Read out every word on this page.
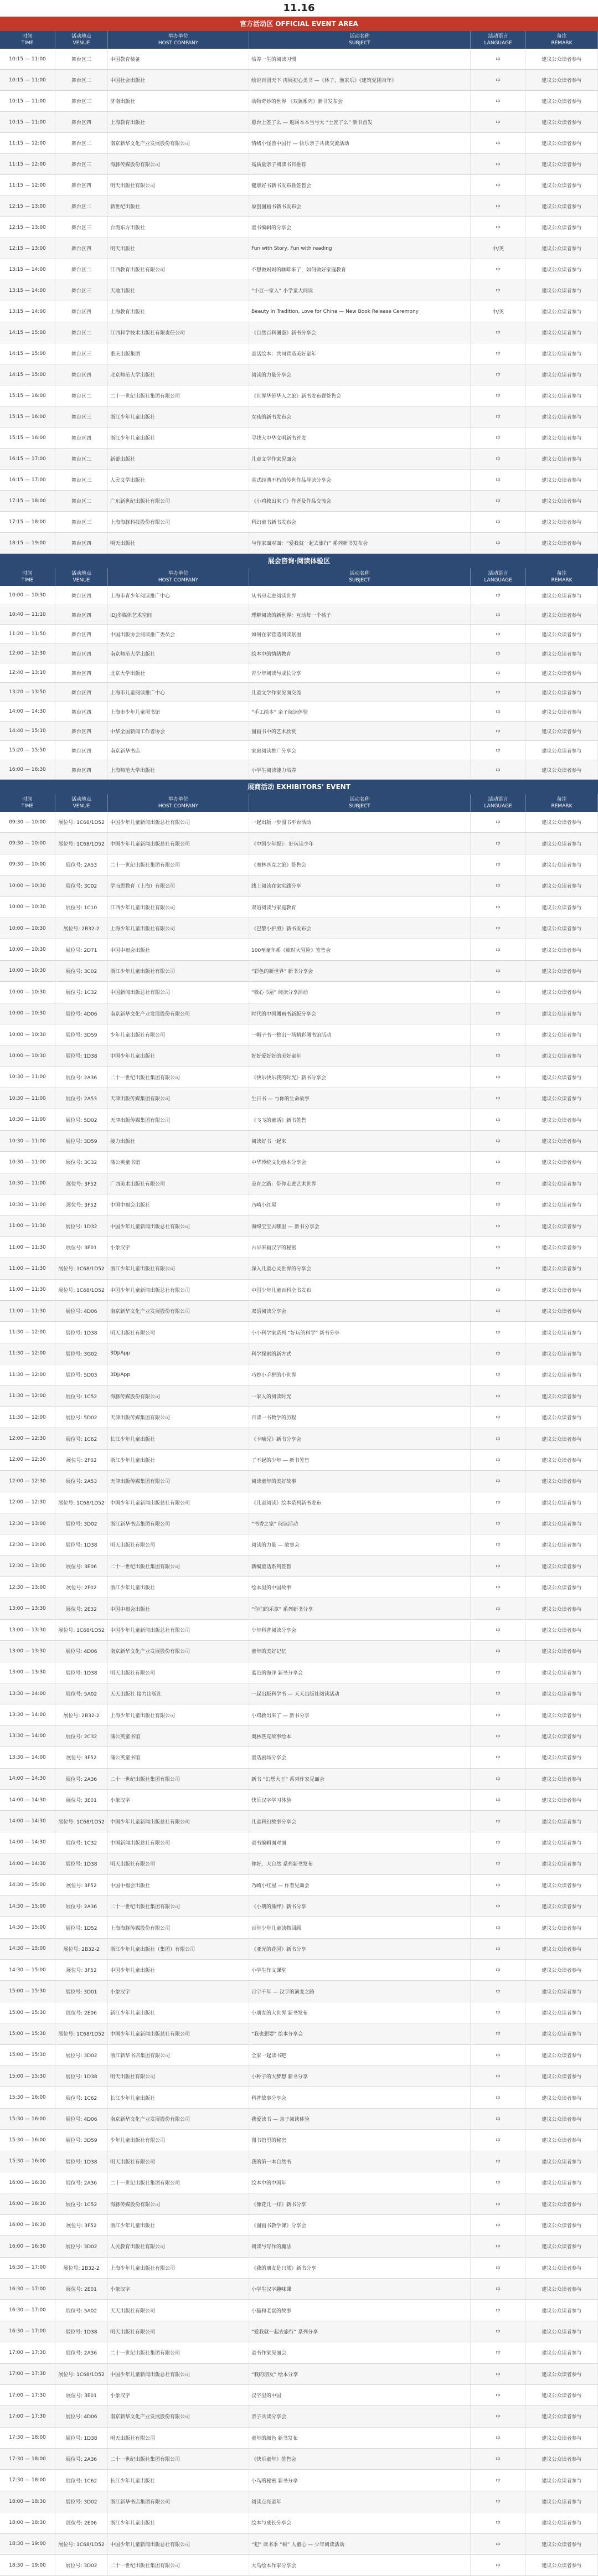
11.16
官方活动区 OFFICIAL EVENT AREA
时间
TIME
活动地点
VENUE
举办单位
HOST COMPANY
活动名称
SUBJECT
活动语言
LANGUAGE
备注
REMARK
10:15 — 11:00	舞台区三	中国教育装备	培养一生的阅读习惯	中	建议公众读者参与
10:15 — 11:00	舞台区二	中国社会出版社	绘说百团天下 再展初心美书 —《林子、渔家乐》《建筑党团百年》	中	建议公众读者参与
10:15 — 11:00	舞台区三	济南出版社	动物奇妙的世界 《双翼系列》新书发布会	中	建议公众读者参与
10:15 — 11:00	舞台区四	上海教育出版社	愿台上签了么 — 返回本本当与大 “土匠了么” 新书首发	中	建议公众读者参与
11:15 — 12:00	舞台区二	南京新华文化产业发展股份有限公司	情绪小怪兽中国行 — 快乐亲子共读交流活动	中	建议公众读者参与
11:15 — 12:00	舞台区三	海豚传媒股份有限公司	高质量亲子阅读书目推荐	中	建议公众读者参与
11:15 — 12:00	舞台区四	明天出版社有限公司	健康好书新书发布暨签售会	中	建议公众读者参与
12:15 — 13:00	舞台区二	新世纪出版社	原创图画书新书发布会	中	建议公众读者参与
12:15 — 13:00	舞台区三	台湾东方出版社	童书编辑的分享会	中	建议公众读者参与
12:15 — 13:00	舞台区四	明天出版社	Fun with Story, Fun with reading	中/英	建议公众读者参与
13:15 — 14:00	舞台区二	江西教育出版社有限公司	不想做妈妈的咖啡来了，如何做好家庭教育	中	建议公众读者参与
13:15 — 14:00	舞台区三	天地出版社	“小豆一家人” 小学童大阅读	中	建议公众读者参与
13:15 — 14:00	舞台区四	上海教育出版社	Beauty in Tradition, Love for China — New Book Release Ceremony	中/英	建议公众读者参与
14:15 — 15:00	舞台区二	江西科学技术出版社有限责任公司	《自然百科图鉴》新书分享会	中	建议公众读者参与
14:15 — 15:00	舞台区三	重庆出版集团	童话绘本：共同营造美好童年	中	建议公众读者参与
14:15 — 15:00	舞台区四	北京师范大学出版社	阅读的力量分享会	中	建议公众读者参与
15:15 — 16:00	舞台区二	二十一世纪出版社集团有限公司	《世界华侨华人之旅》新书发布暨签售会	中	建议公众读者参与
15:15 — 16:00	舞台区三	浙江少年儿童出版社	女孩的新书发布会	中	建议公众读者参与
15:15 — 16:00	舞台区四	浙江少年儿童出版社	寻找大中华文明新书首发	中	建议公众读者参与
16:15 — 17:00	舞台区二	新蕾出版社	儿童文学作家见面会	中	建议公众读者参与
16:15 — 17:00	舞台区三	人民文学出版社	英式经典不朽的传世作品导读分享会	中	建议公众读者参与
17:15 — 18:00	舞台区二	广东新世纪出版社有限公司	《小鸡救出来了》作者及作品交流会	中	建议公众读者参与
17:15 — 18:00	舞台区三	上海海豚科技股份有限公司	科幻童书新书发布会	中	建议公众读者参与
18:15 — 19:00	舞台区四	明天出版社	与作家面对面：“爱我就一起去旅行” 系列新书发布会	中	建议公众读者参与
展会咨询·阅读体验区
时间
TIME
活动地点
VENUE
举办单位
HOST COMPANY
活动名称
SUBJECT
活动语言
LANGUAGE
备注
REMARK
10:00 — 10:30	舞台区四	上海市青少年阅读推广中心	从书房走进阅读世界	中	建议公众读者参与
10:40 — 11:10	舞台区四	IDJ多媒体艺术空间	理解阅读的新世界：互动每一个孩子	中	建议公众读者参与
11:20 — 11:50	舞台区四	中国出版协会阅读推广委员会	如何在家营造阅读氛围	中	建议公众读者参与
12:00 — 12:30	舞台区四	南京师范大学出版社	绘本中的情绪教育	中	建议公众读者参与
12:40 — 13:10	舞台区四	北京大学出版社	青少年阅读与成长分享	中	建议公众读者参与
13:20 — 13:50	舞台区四	上海市儿童阅读推广中心	儿童文学作家见面交流	中	建议公众读者参与
14:00 — 14:30	舞台区四	上海市少年儿童图书馆	“手工绘本” 亲子阅读体验	中	建议公众读者参与
14:40 — 15:10	舞台区四	中华全国新闻工作者协会	图画书中的艺术欣赏	中	建议公众读者参与
15:20 — 15:50	舞台区四	南京新华书店	家庭阅读推广分享会	中	建议公众读者参与
16:00 — 16:30	舞台区四	上海师范大学出版社	小学生阅读能力培养	中	建议公众读者参与
展商活动 EXHIBITORS' EVENT
时间
TIME
活动地点
VENUE
举办单位
HOST COMPANY
活动名称
SUBJECT
活动语言
LANGUAGE
备注
REMARK
09:30 — 10:00	展位号: 1C68/1D52	中国少年儿童新闻出版总社有限公司	一起出版一步图书平台活动	中	建议公众读者参与
09:30 — 10:00	展位号: 1C68/1D52	中国少年儿童新闻出版总社有限公司	《中国少年报》：好玩读少年	中	建议公众读者参与
09:30 — 10:00	展位号: 2A53	二十一世纪出版社集团有限公司	《奥林匹克之旅》签售会	中	建议公众读者参与
10:00 — 10:30	展位号: 3C02	学而思教育（上海）有限公司	线上阅读在家实践分享	中	建议公众读者参与
10:00 — 10:30	展位号: 1C10	江西少年儿童出版社有限公司	双语阅读与家庭教育	中	建议公众读者参与
10:00 — 10:30	展位号: 2B32-2	上海少年儿童出版社有限公司	《巴黎小护照》新书发布会	中	建议公众读者参与
10:00 — 10:30	展位号: 2D71	中国中福会出版社	100至童年系《旅时大冒险》签售会	中	建议公众读者参与
10:00 — 10:30	展位号: 3C02	浙江少年儿童出版社有限公司	“彩色的新世界” 新书分享会	中	建议公众读者参与
10:00 — 10:30	展位号: 1C32	中国新闻出版总社有限公司	“敬心书屋” 阅读分享活动	中	建议公众读者参与
10:00 — 10:30	展位号: 4D06	南京新华文化产业发展股份有限公司	时代的中国图画书新版分享会	中	建议公众读者参与
10:00 — 10:30	展位号: 3D59	少年儿童出版社有限公司	一帽子书一整出一场精彩图书馆活动	中	建议公众读者参与
10:00 — 10:30	展位号: 1D38	中国少年儿童出版社	好好爱好好的美好童年	中	建议公众读者参与
10:30 — 11:00	展位号: 2A36	二十一世纪出版社集团有限公司	《快乐快乐我的时光》新书分享会	中	建议公众读者参与
10:30 — 11:00	展位号: 2A53	天津出版传媒集团有限公司	生日书 — 与你的生命故事	中	建议公众读者参与
10:30 — 11:00	展位号: 5D02	天津出版传媒集团有限公司	《飞飞的童话》新书签售	中	建议公众读者参与
10:30 — 11:00	展位号: 3D59	接力出版社	阅读好书一起来	中	建议公众读者参与
10:30 — 11:00	展位号: 3C32	蒲公英童书馆	中华传统文化绘本分享会	中	建议公众读者参与
10:30 — 11:00	展位号: 3F52	广西美术出版社有限公司	美育之路：带你走进艺术世界	中	建议公众读者参与
10:30 — 11:00	展位号: 3F52	中国中福会出版社	乃崎小红屋	中	建议公众读者参与
11:00 — 11:30	展位号: 1D32	中国少年儿童新闻出版总社有限公司	海绵宝宝去哪里 — 新书分享会	中	建议公众读者参与
11:00 — 11:30	展位号: 3E01	小象汉字	古早来画汉字的秘密	中	建议公众读者参与
11:00 — 11:30	展位号: 1C68/1D52	浙江少年儿童出版社有限公司	深入儿童心灵世界的分享会	中	建议公众读者参与
11:00 — 11:30	展位号: 1C68/1D52	中国少年儿童新闻出版总社有限公司	中国少年儿童百科全书发布	中	建议公众读者参与
11:00 — 11:30	展位号: 4D06	南京新华文化产业发展股份有限公司	双语阅读分享会	中	建议公众读者参与
11:30 — 12:00	展位号: 1D38	明天出版社有限公司	小小科学家系列 “好玩的科学” 新书分享	中	建议公众读者参与
11:30 — 12:00	展位号: 3G02	3DJ/App	科学探索的新方式	中	建议公众读者参与
11:30 — 12:00	展位号: 5D03	3DJ/App	巧妙小手拼的小世界	中	建议公众读者参与
11:30 — 12:00	展位号: 1C52	海豚传媒股份有限公司	一家人的阅读时光	中	建议公众读者参与
11:30 — 12:00	展位号: 5D02	天津出版传媒集团有限公司	百读一书数学的历程	中	建议公众读者参与
12:00 — 12:30	展位号: 1C62	长江少年儿童出版社	《卡嘀兄》新书分享会	中	建议公众读者参与
12:00 — 12:30	展位号: 2F02	浙江少年儿童出版社	了不起的少年 — 新书签售	中	建议公众读者参与
12:00 — 12:30	展位号: 2A53	天津出版传媒集团有限公司	阅读童年的美好故事	中	建议公众读者参与
12:00 — 12:30	展位号: 1C68/1D52	中国少年儿童新闻出版总社有限公司	《儿童阅读》绘本系列新书发布	中	建议公众读者参与
12:30 — 13:00	展位号: 3D02	浙江新华书店集团有限公司	“书香之家” 阅读活动	中	建议公众读者参与
12:30 — 13:00	展位号: 1D38	明天出版社有限公司	阅读的力量 — 故事会	中	建议公众读者参与
12:30 — 13:00	展位号: 3E06	二十一世纪出版社集团有限公司	新编童话系列签售	中	建议公众读者参与
12:30 — 13:00	展位号: 2F02	浙江少年儿童出版社	绘本里的中国故事	中	建议公众读者参与
13:00 — 13:30	展位号: 2E32	中国中福会出版社	“你们的乐章” 系列新书分享	中	建议公众读者参与
13:00 — 13:30	展位号: 1C68/1D52	中国少年儿童新闻出版总社有限公司	少年科普阅读分享会	中	建议公众读者参与
13:00 — 13:30	展位号: 4D06	南京新华文化产业发展股份有限公司	童年的美好记忆	中	建议公众读者参与
13:00 — 13:30	展位号: 1D38	明天出版社有限公司	蓝色的海洋 新书分享会	中	建议公众读者参与
13:30 — 14:00	展位号: 5A02	天天出版社 接力出版社	一起出版科学书 — 天天出版社阅读活动	中	建议公众读者参与
13:30 — 14:00	展位号: 2B32-2	上海少年儿童出版社有限公司	小鸡救出来了 — 新书分享	中	建议公众读者参与
13:30 — 14:00	展位号: 2C32	蒲公英童书馆	奥林匹克故事绘本	中	建议公众读者参与
13:30 — 14:00	展位号: 3F52	蒲公英童书馆	童话剧场分享会	中	建议公众读者参与
14:00 — 14:30	展位号: 2A36	二十一世纪出版社集团有限公司	新书 “幻想大王” 系列作家见面会	中	建议公众读者参与
14:00 — 14:30	展位号: 3E01	小象汉字	快乐汉字学习体验	中	建议公众读者参与
14:00 — 14:30	展位号: 1C68/1D52	中国少年儿童新闻出版总社有限公司	儿童科幻故事分享会	中	建议公众读者参与
14:00 — 14:30	展位号: 1C32	中国新闻出版总社有限公司	童书编辑面对面	中	建议公众读者参与
14:00 — 14:30	展位号: 1D38	明天出版社有限公司	你好，大自然 系列新书发布	中	建议公众读者参与
14:30 — 15:00	展位号: 3F52	中国中福会出版社	乃崎小红屋 — 作者见面会	中	建议公众读者参与
14:30 — 15:00	展位号: 2A36	二十一世纪出版社集团有限公司	《小朗的熊绊》新书分享	中	建议公众读者参与
14:30 — 15:00	展位号: 1D52	上海海豚传媒股份有限公司	百年少年儿童读物回顾	中	建议公众读者参与
14:30 — 15:00	展位号: 2B32-2	浙江少年儿童出版社（集团）有限公司	《亚光的花园》新书分享	中	建议公众读者参与
14:30 — 15:00	展位号: 3F52	中国少年儿童出版社	小学生作文课堂	中	建议公众读者参与
15:00 — 15:30	展位号: 3D01	小象汉字	百字千年 — 汉字的演变之路	中	建议公众读者参与
15:00 — 15:30	展位号: 2E06	新江少年儿童出版社	小朋友的大世界 新书发布	中	建议公众读者参与
15:00 — 15:30	展位号: 1C68/1D52	中国少年儿童新闻出版总社有限公司	“我也想要” 绘本分享会	中	建议公众读者参与
15:00 — 15:30	展位号: 3D02	浙江新华书店集团有限公司	全家一起读书吧	中	建议公众读者参与
15:00 — 15:30	展位号: 1D38	明天出版社有限公司	小种子的大梦想 新书分享	中	建议公众读者参与
15:30 — 16:00	展位号: 1C62	长江少年儿童出版社	科普故事分享会	中	建议公众读者参与
15:30 — 16:00	展位号: 4D06	南京新华文化产业发展股份有限公司	我爱读书 — 亲子阅读体验	中	建议公众读者参与
15:30 — 16:00	展位号: 3D59	少年儿童出版社有限公司	图书馆里的秘密	中	建议公众读者参与
15:30 — 16:00	展位号: 1D38	明天出版社有限公司	我的第一本自然书	中	建议公众读者参与
16:00 — 16:30	展位号: 2A36	二十一世纪出版社集团有限公司	绘本中的中国年	中	建议公众读者参与
16:00 — 16:30	展位号: 1C52	海豚传媒股份有限公司	《像花儿一样》新书分享	中	建议公众读者参与
16:00 — 16:30	展位号: 3F52	浙江少年儿童出版社	《图画书教学课》分享会	中	建议公众读者参与
16:00 — 16:30	展位号: 3D02	人民教育出版社有限公司	阅读与写作的魔法	中	建议公众读者参与
16:30 — 17:00	展位号: 2B32-2	上海少年儿童出版社有限公司	《我的朋友是只熊》新书分享	中	建议公众读者参与
16:30 — 17:00	展位号: 2E01	小象汉字	小学生汉字趣味课	中	建议公众读者参与
16:30 — 17:00	展位号: 5A02	天天出版社有限公司	小猫和老鼠的故事	中	建议公众读者参与
16:30 — 17:00	展位号: 1D38	明天出版社有限公司	“爱我就一起去旅行” 系列分享	中	建议公众读者参与
17:00 — 17:30	展位号: 2A36	二十一世纪出版社集团有限公司	童书作家见面会	中	建议公众读者参与
17:00 — 17:30	展位号: 1C68/1D52	中国少年儿童新闻出版总社有限公司	“我的朋友” 绘本分享	中	建议公众读者参与
17:00 — 17:30	展位号: 3E01	小象汉字	汉字里的中国	中	建议公众读者参与
17:00 — 17:30	展位号: 4D06	南京新华文化产业发展股份有限公司	亲子共读分享会	中	建议公众读者参与
17:30 — 18:00	展位号: 1D38	明天出版社有限公司	童年的颜色 新书发布	中	建议公众读者参与
17:30 — 18:00	展位号: 2A36	二十一世纪出版社集团有限公司	《快乐童年》签售会	中	建议公众读者参与
17:30 — 18:00	展位号: 1C62	长江少年儿童出版社	小鸟的秘密 新书分享	中	建议公众读者参与
18:00 — 18:30	展位号: 3D02	浙江新华书店集团有限公司	阅读点亮童年	中	建议公众读者参与
18:00 — 18:30	展位号: 2E06	浙江少年儿童出版社	绘本与成长分享会	中	建议公众读者参与
18:30 — 19:00	展位号: 1C68/1D52	中国少年儿童新闻出版总社有限公司	“犯” 读书季 “树” 人童心 — 少年阅读活动	中	建议公众读者参与
18:30 — 19:00	展位号: 3D02	二十一世纪出版社集团有限公司	大鸟绘本作家分享会	中	建议公众读者参与
